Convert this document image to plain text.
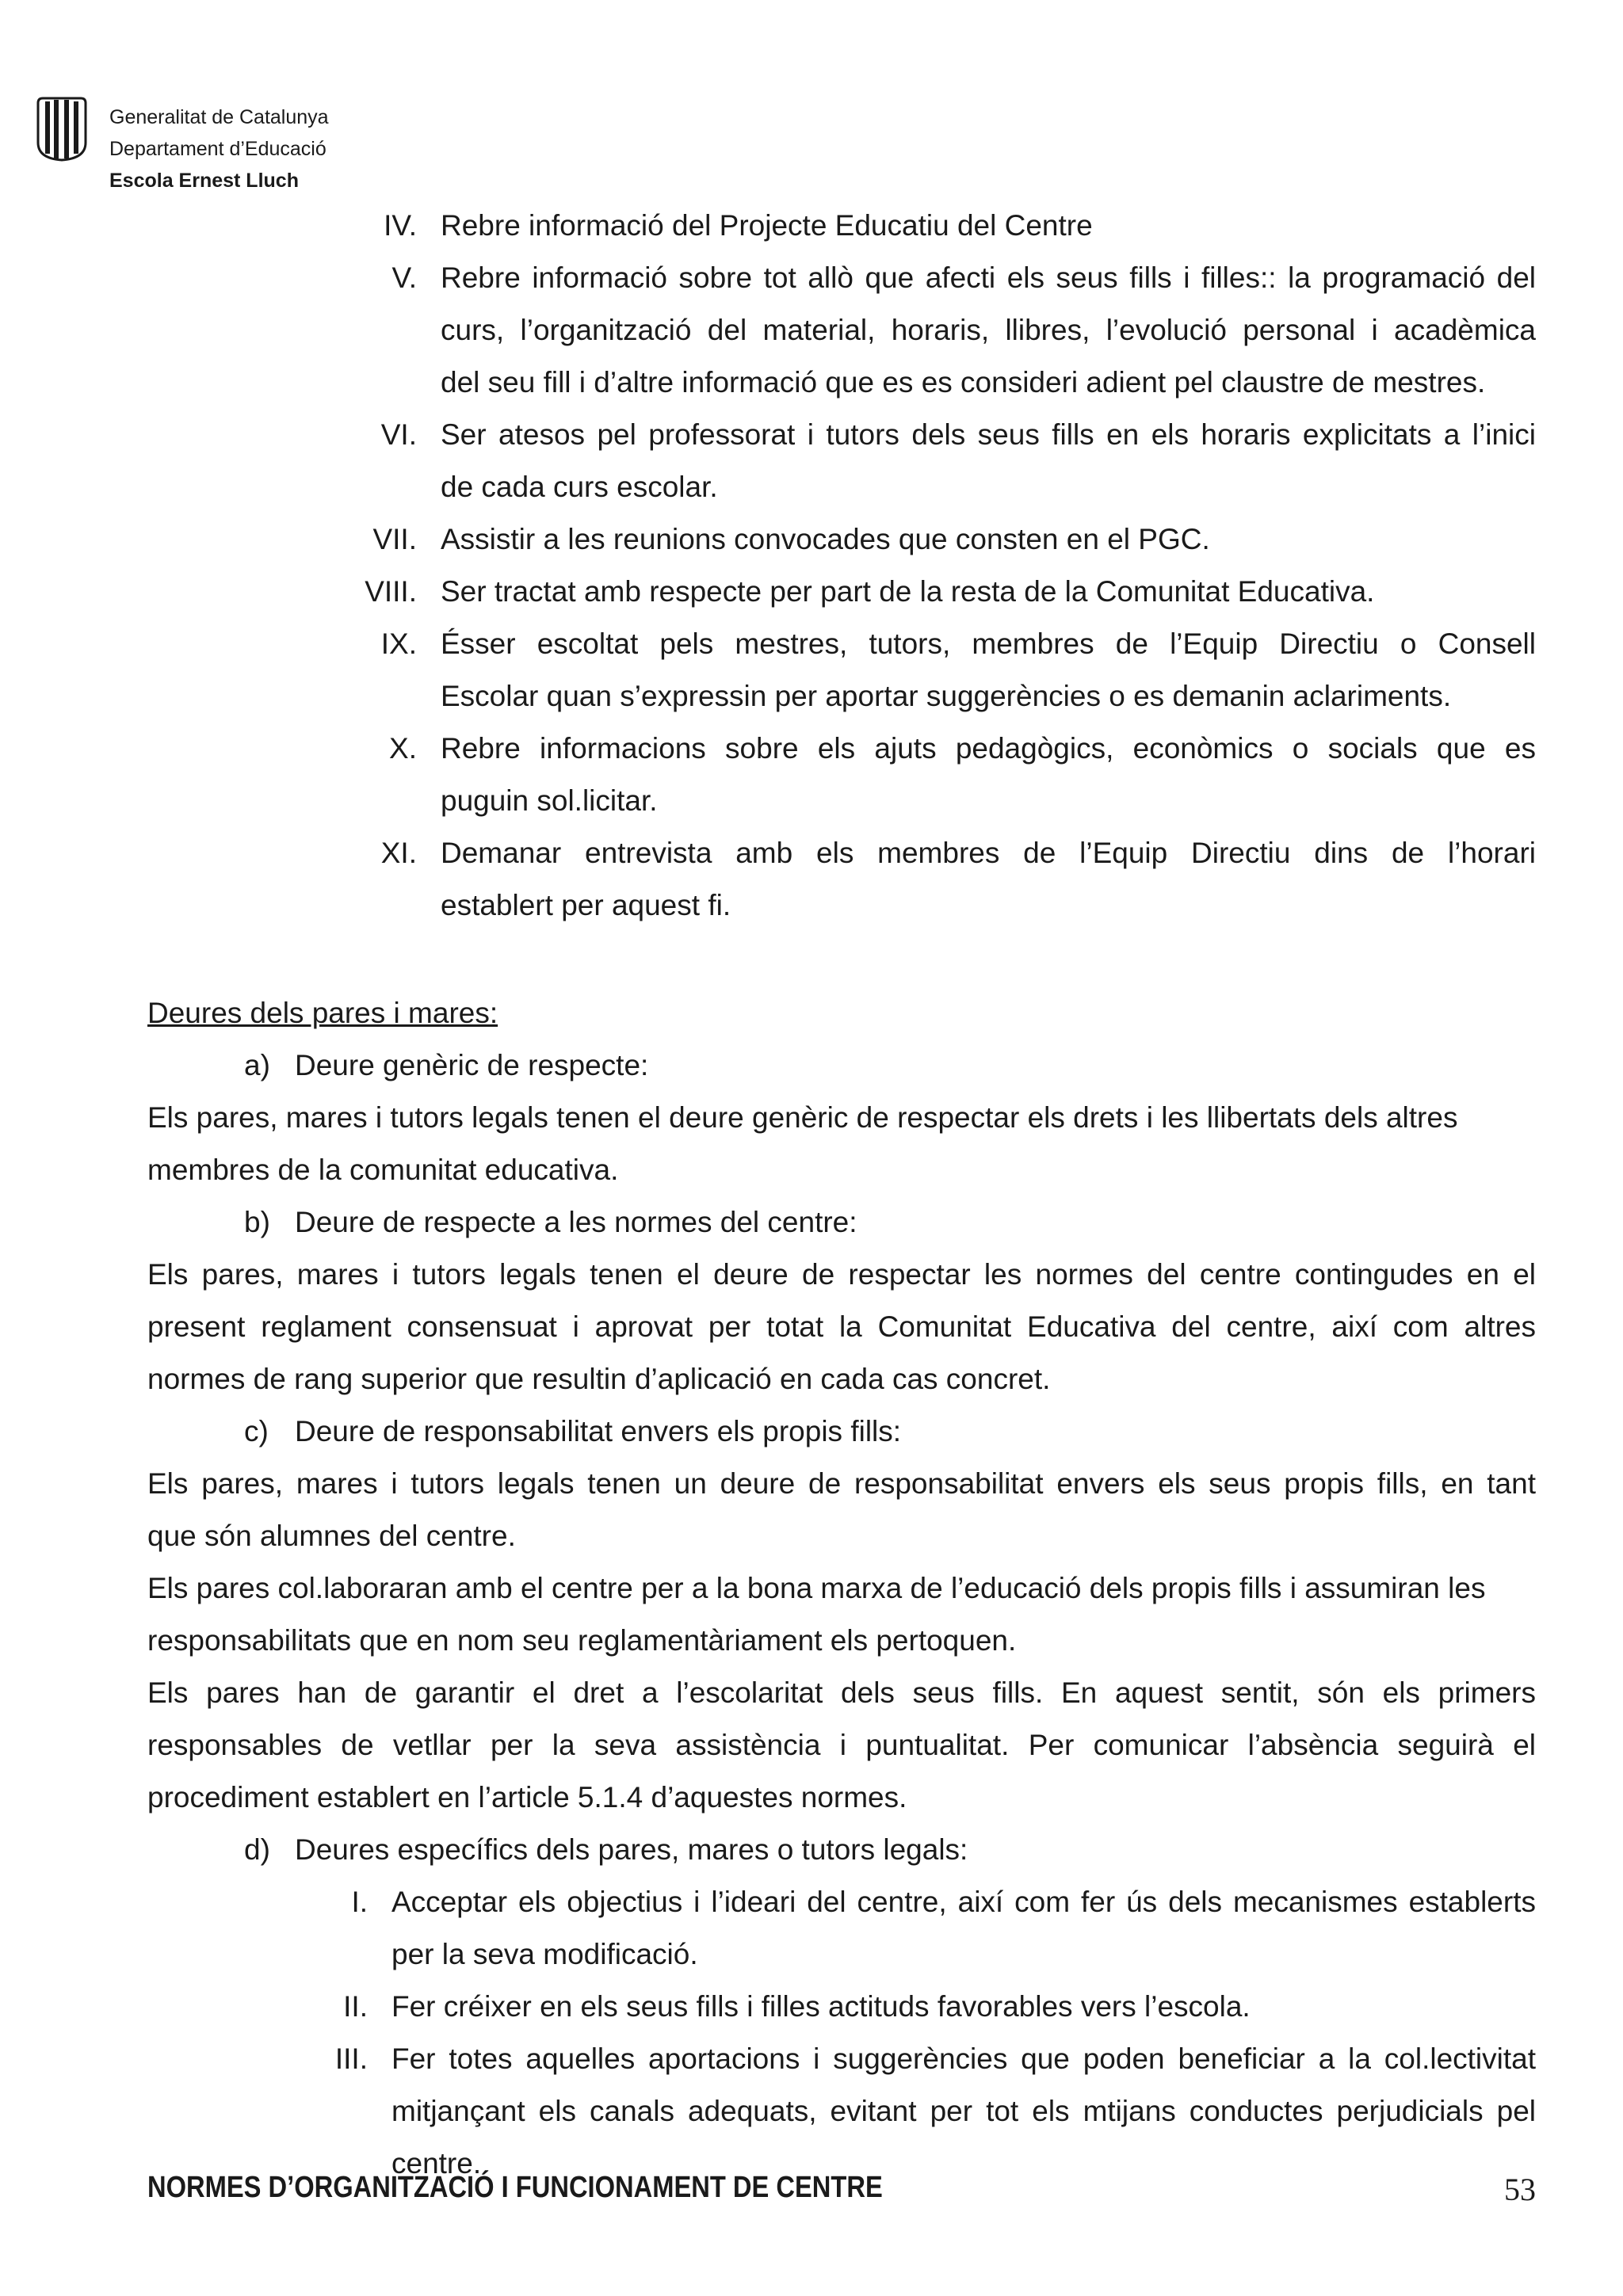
Generalitat de Catalunya
Departament d’Educació
Escola Ernest Lluch
IV. Rebre informació del Projecte Educatiu del Centre
V. Rebre informació sobre tot allò que afecti els seus fills i filles:: la programació del
curs, l’organització del material, horaris, llibres, l’evolució personal i acadèmica
del seu fill i d’altre informació que es es consideri adient pel claustre de mestres.
VI. Ser atesos pel professorat i tutors dels seus fills en els horaris explicitats a l’inici
de cada curs escolar.
VII. Assistir a les reunions convocades que consten en el PGC.
VIII. Ser tractat amb respecte per part de la resta de la Comunitat Educativa.
IX. Ésser escoltat pels mestres, tutors, membres de l’Equip Directiu o Consell
Escolar quan s’expressin per aportar suggerències o es demanin aclariments.
X. Rebre informacions sobre els ajuts pedagògics, econòmics o socials que es
puguin sol.licitar.
XI. Demanar entrevista amb els membres de l’Equip Directiu dins de l’horari
establert per aquest fi.
Deures dels pares i mares:
a) Deure genèric de respecte:
Els pares, mares i tutors legals tenen el deure genèric de respectar els drets i les llibertats dels altres
membres de la comunitat educativa.
b) Deure de respecte a les normes del centre:
Els pares, mares i tutors legals tenen el deure de respectar les normes del centre contingudes en el
present reglament consensuat i aprovat per totat la Comunitat Educativa del centre, així com altres
normes de rang superior que resultin d’aplicació en cada cas concret.
c) Deure de responsabilitat envers els propis fills:
Els pares, mares i tutors legals tenen un deure de responsabilitat envers els seus propis fills, en tant
que són alumnes del centre.
Els pares col.laboraran amb el centre per a la bona marxa de l’educació dels propis fills i assumiran les
responsabilitats que en nom seu reglamentàriament els pertoquen.
Els pares han de garantir el dret a l’escolaritat dels seus fills. En aquest sentit, són els primers
responsables de vetllar per la seva assistència i puntualitat. Per comunicar l’absència seguirà el
procediment establert en l’article 5.1.4 d’aquestes normes.
d) Deures específics dels pares, mares o tutors legals:
I. Acceptar els objectius i l’ideari del centre, així com fer ús dels mecanismes establerts
per la seva modificació.
II. Fer créixer en els seus fills i filles actituds favorables vers l’escola.
III. Fer totes aquelles aportacions i suggerències que poden beneficiar a la col.lectivitat
mitjançant els canals adequats, evitant per tot els mtijans conductes perjudicials pel
centre.
NORMES D’ORGANITZACIÓ I FUNCIONAMENT DE CENTRE	53
